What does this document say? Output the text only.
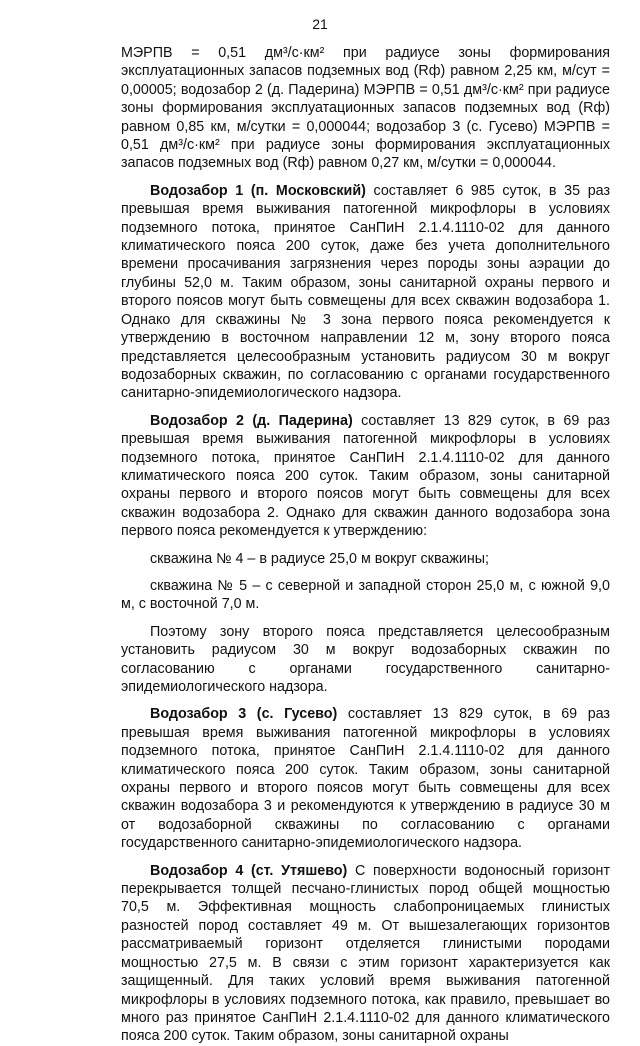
21

МЭРПВ = 0,51 дм³/с·км² при радиусе зоны формирования эксплуатационных запасов подземных вод (Rф) равном 2,25 км, м/сут = 0,00005; водозабор 2 (д. Падерина) МЭРПВ = 0,51 дм³/с·км² при радиусе зоны формирования эксплуатационных запасов подземных вод (Rф) равном 0,85 км, м/сутки = 0,000044; водозабор 3 (с. Гусево) МЭРПВ = 0,51 дм³/с·км² при радиусе зоны формирования эксплуатационных запасов подземных вод (Rф) равном 0,27 км, м/сутки = 0,000044.

Водозабор 1 (п. Московский) составляет 6 985 суток, в 35 раз превышая время выживания патогенной микрофлоры в условиях подземного потока, принятое СанПиН 2.1.4.1110-02 для данного климатического пояса 200 суток, даже без учета дополнительного времени просачивания загрязнения через породы зоны аэрации до глубины 52,0 м. Таким образом, зоны санитарной охраны первого и второго поясов могут быть совмещены для всех скважин водозабора 1. Однако для скважины № 3 зона первого пояса рекомендуется к утверждению в восточном направлении 12 м, зону второго пояса представляется целесообразным установить радиусом 30 м вокруг водозаборных скважин, по согласованию с органами государственного санитарно-эпидемиологического надзора.

Водозабор 2 (д. Падерина) составляет 13 829 суток, в 69 раз превышая время выживания патогенной микрофлоры в условиях подземного потока, принятое СанПиН 2.1.4.1110-02 для данного климатического пояса 200 суток. Таким образом, зоны санитарной охраны первого и второго поясов могут быть совмещены для всех скважин водозабора 2. Однако для скважин данного водозабора зона первого пояса рекомендуется к утверждению:

скважина № 4 – в радиусе 25,0 м вокруг скважины;

скважина № 5 – с северной и западной сторон 25,0 м, с южной 9,0 м, с восточной 7,0 м.

Поэтому зону второго пояса представляется целесообразным установить радиусом 30 м вокруг водозаборных скважин по согласованию с органами государственного санитарно-эпидемиологического надзора.

Водозабор 3 (с. Гусево) составляет 13 829 суток, в 69 раз превышая время выживания патогенной микрофлоры в условиях подземного потока, принятое СанПиН 2.1.4.1110-02 для данного климатического пояса 200 суток. Таким образом, зоны санитарной охраны первого и второго поясов могут быть совмещены для всех скважин водозабора 3 и рекомендуются к утверждению в радиусе 30 м от водозаборной скважины по согласованию с органами государственного санитарно-эпидемиологического надзора.

Водозабор 4 (ст. Утяшево) С поверхности водоносный горизонт перекрывается толщей песчано-глинистых пород общей мощностью 70,5 м. Эффективная мощность слабопроницаемых глинистых разностей пород составляет 49 м. От вышезалегающих горизонтов рассматриваемый горизонт отделяется глинистыми породами мощностью 27,5 м. В связи с этим горизонт характеризуется как защищенный. Для таких условий время выживания патогенной микрофлоры в условиях подземного потока, как правило, превышает во много раз принятое СанПиН 2.1.4.1110-02 для данного климатического пояса 200 суток. Таким образом, зоны санитарной охраны
